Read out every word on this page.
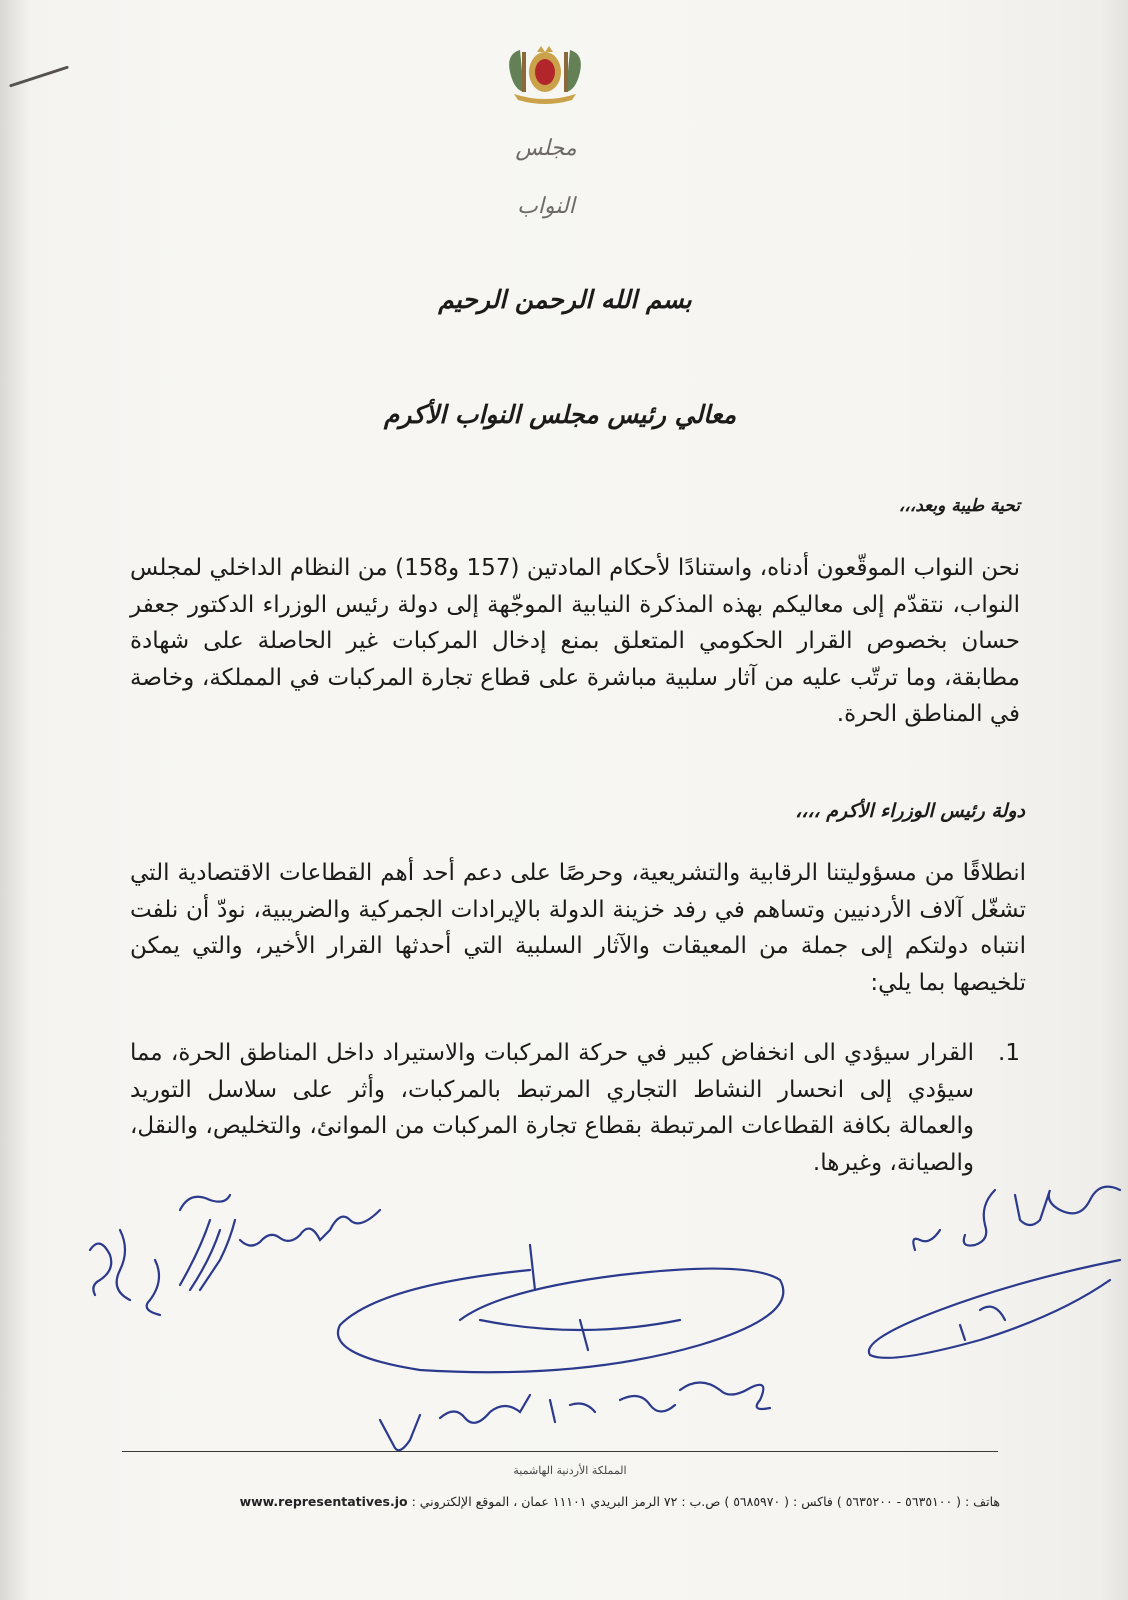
مجلس النواب
بسم الله الرحمن الرحيم
معالي رئيس مجلس النواب الأكرم
تحية طيبة وبعد،،،
نحن النواب الموقّعون أدناه، واستنادًا لأحكام المادتين (157 و158) من النظام الداخلي لمجلس النواب، نتقدّم إلى معاليكم بهذه المذكرة النيابية الموجّهة إلى دولة رئيس الوزراء الدكتور جعفر حسان بخصوص القرار الحكومي المتعلق بمنع إدخال المركبات غير الحاصلة على شهادة مطابقة، وما ترتّب عليه من آثار سلبية مباشرة على قطاع تجارة المركبات في المملكة، وخاصة في المناطق الحرة.
دولة رئيس الوزراء الأكرم ،،،،
انطلاقًا من مسؤوليتنا الرقابية والتشريعية، وحرصًا على دعم أحد أهم القطاعات الاقتصادية التي تشغّل آلاف الأردنيين وتساهم في رفد خزينة الدولة بالإيرادات الجمركية والضريبية، نودّ أن نلفت انتباه دولتكم إلى جملة من المعيقات والآثار السلبية التي أحدثها القرار الأخير، والتي يمكن تلخيصها بما يلي:
1.
القرار سيؤدي الى انخفاض كبير في حركة المركبات والاستيراد داخل المناطق الحرة، مما سيؤدي إلى انحسار النشاط التجاري المرتبط بالمركبات، وأثر على سلاسل التوريد والعمالة بكافة القطاعات المرتبطة بقطاع تجارة المركبات من الموانئ، والتخليص، والنقل، والصيانة، وغيرها.
المملكة الأردنية الهاشمية
هاتف : ( ٥٦٣٥١٠٠ - ٥٦٣٥٢٠٠ ) فاكس : ( ٥٦٨٥٩٧٠ ) ص.ب : ٧٢ الرمز البريدي ١١١٠١ عمان ، الموقع الإلكتروني : www.representatives.jo
